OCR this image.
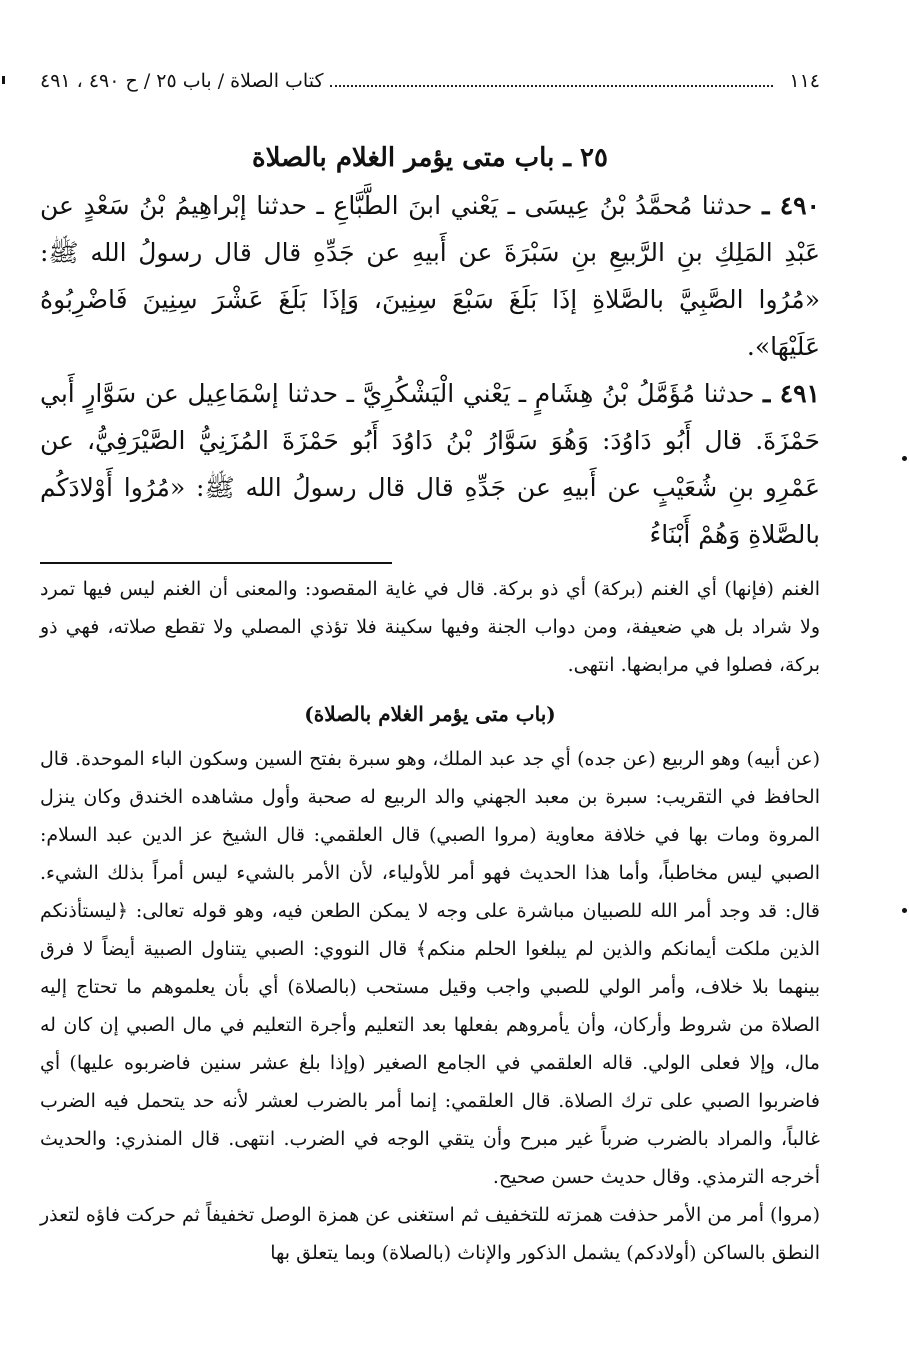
١١٤
كتاب الصلاة / باب ٢٥ / ح ٤٩٠ ، ٤٩١
٢٥ ـ باب متى يؤمر الغلام بالصلاة

٤٩٠ ـ حدثنا مُحمَّدُ بْنُ عِيسَى ـ يَعْني ابنَ الطَّبَّاعِ ـ حدثنا إبْراهِيمُ بْنُ سَعْدٍ عن عَبْدِ المَلِكِ بنِ الرَّبيعِ بنِ سَبْرَةَ عن أَبيهِ عن جَدِّهِ قال قال رسولُ الله ﷺ: «مُرُوا الصَّبِيَّ بالصَّلاةِ إذَا بَلَغَ سَبْعَ سِنِينَ، وَإذَا بَلَغَ عَشْرَ سِنِينَ فَاضْرِبُوهُ عَلَيْهَا».

٤٩١ ـ حدثنا مُؤَمَّلُ بْنُ هِشَامٍ ـ يَعْني الْيَشْكُرِيَّ ـ حدثنا إسْمَاعِيل عن سَوَّارٍ أَبي حَمْزَةَ. قال أَبُو دَاوُدَ: وَهُوَ سَوَّارُ بْنُ دَاوُدَ أَبُو حَمْزَةَ المُزَنِيُّ الصَّيْرَفِيُّ، عن عَمْرِو بنِ شُعَيْبٍ عن أَبيهِ عن جَدِّهِ قال قال رسولُ الله ﷺ: «مُرُوا أَوْلادَكُم بالصَّلاةِ وَهُمْ أَبْنَاءُ

الغنم (فإنها) أي الغنم (بركة) أي ذو بركة. قال في غاية المقصود: والمعنى أن الغنم ليس فيها تمرد ولا شراد بل هي ضعيفة، ومن دواب الجنة وفيها سكينة فلا تؤذي المصلي ولا تقطع صلاته، فهي ذو بركة، فصلوا في مرابضها. انتهى.

(باب متى يؤمر الغلام بالصلاة)

(عن أبيه) وهو الربيع (عن جده) أي جد عبد الملك، وهو سبرة بفتح السين وسكون الباء الموحدة. قال الحافظ في التقريب: سبرة بن معبد الجهني والد الربيع له صحبة وأول مشاهده الخندق وكان ينزل المروة ومات بها في خلافة معاوية (مروا الصبي) قال العلقمي: قال الشيخ عز الدين عبد السلام: الصبي ليس مخاطباً، وأما هذا الحديث فهو أمر للأولياء، لأن الأمر بالشيء ليس أمراً بذلك الشيء. قال: قد وجد أمر الله للصبيان مباشرة على وجه لا يمكن الطعن فيه، وهو قوله تعالى: ﴿ليستأذنكم الذين ملكت أيمانكم والذين لم يبلغوا الحلم منكم﴾ قال النووي: الصبي يتناول الصبية أيضاً لا فرق بينهما بلا خلاف، وأمر الولي للصبي واجب وقيل مستحب (بالصلاة) أي بأن يعلموهم ما تحتاج إليه الصلاة من شروط وأركان، وأن يأمروهم بفعلها بعد التعليم وأجرة التعليم في مال الصبي إن كان له مال، وإلا فعلى الولي. قاله العلقمي في الجامع الصغير (وإذا بلغ عشر سنين فاضربوه عليها) أي فاضربوا الصبي على ترك الصلاة. قال العلقمي: إنما أمر بالضرب لعشر لأنه حد يتحمل فيه الضرب غالباً، والمراد بالضرب ضرباً غير مبرح وأن يتقي الوجه في الضرب. انتهى. قال المنذري: والحديث أخرجه الترمذي. وقال حديث حسن صحيح.

(مروا) أمر من الأمر حذفت همزته للتخفيف ثم استغنى عن همزة الوصل تخفيفاً ثم حركت فاؤه لتعذر النطق بالساكن (أولادكم) يشمل الذكور والإناث (بالصلاة) وبما يتعلق بها
